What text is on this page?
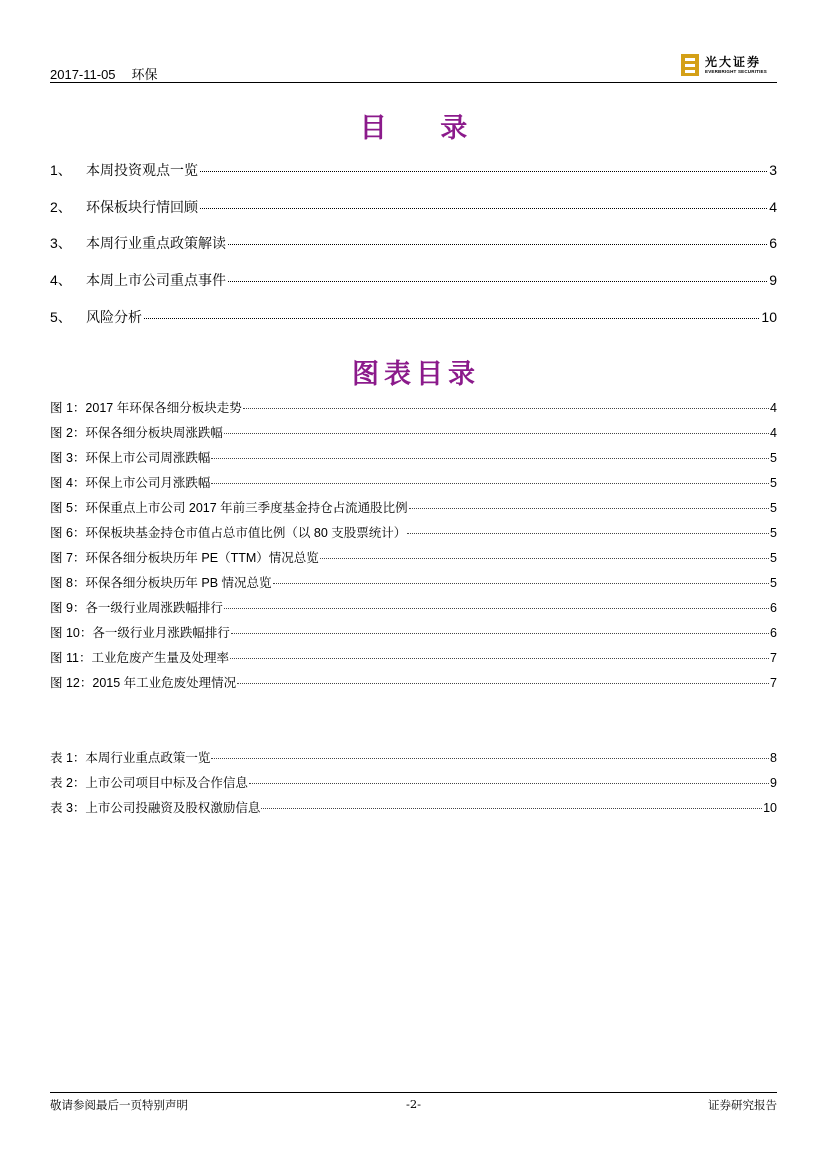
2017-11-05 环保
光大证券
EVERBRIGHT SECURITIES
目 录
1、	本周投资观点一览	3
2、	环保板块行情回顾	4
3、	本周行业重点政策解读	6
4、	本周上市公司重点事件	9
5、	风险分析	10
图表目录
图 1：2017 年环保各细分板块走势	4
图 2：环保各细分板块周涨跌幅	4
图 3：环保上市公司周涨跌幅	5
图 4：环保上市公司月涨跌幅	5
图 5：环保重点上市公司 2017 年前三季度基金持仓占流通股比例	5
图 6：环保板块基金持仓市值占总市值比例（以 80 支股票统计）	5
图 7：环保各细分板块历年 PE（TTM）情况总览	5
图 8：环保各细分板块历年 PB 情况总览	5
图 9：各一级行业周涨跌幅排行	6
图 10：各一级行业月涨跌幅排行	6
图 11：工业危废产生量及处理率	7
图 12：2015 年工业危废处理情况	7
表 1：本周行业重点政策一览	8
表 2：上市公司项目中标及合作信息	9
表 3：上市公司投融资及股权激励信息	10
敬请参阅最后一页特别声明	-2-	证券研究报告
